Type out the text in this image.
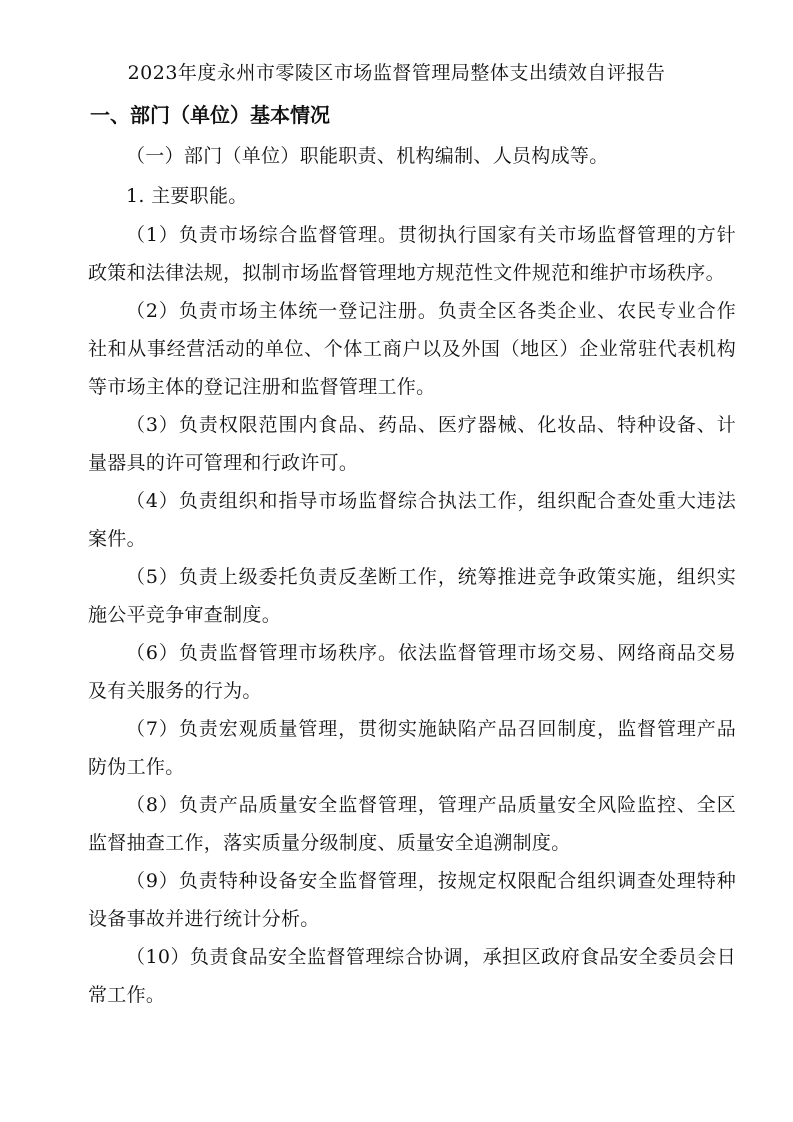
2023年度永州市零陵区市场监督管理局整体支出绩效自评报告
一、部门（单位）基本情况

（一）部门（单位）职能职责、机构编制、人员构成等。

1. 主要职能。

（1）负责市场综合监督管理。贯彻执行国家有关市场监督管理的方针政策和法律法规，拟制市场监督管理地方规范性文件规范和维护市场秩序。

（2）负责市场主体统一登记注册。负责全区各类企业、农民专业合作社和从事经营活动的单位、个体工商户以及外国（地区）企业常驻代表机构等市场主体的登记注册和监督管理工作。

（3）负责权限范围内食品、药品、医疗器械、化妆品、特种设备、计量器具的许可管理和行政许可。

（4）负责组织和指导市场监督综合执法工作，组织配合查处重大违法案件。

（5）负责上级委托负责反垄断工作，统筹推进竞争政策实施，组织实施公平竞争审查制度。

（6）负责监督管理市场秩序。依法监督管理市场交易、网络商品交易及有关服务的行为。

（7）负责宏观质量管理，贯彻实施缺陷产品召回制度，监督管理产品防伪工作。

（8）负责产品质量安全监督管理，管理产品质量安全风险监控、全区监督抽查工作，落实质量分级制度、质量安全追溯制度。

（9）负责特种设备安全监督管理，按规定权限配合组织调查处理特种设备事故并进行统计分析。

（10）负责食品安全监督管理综合协调，承担区政府食品安全委员会日常工作。
